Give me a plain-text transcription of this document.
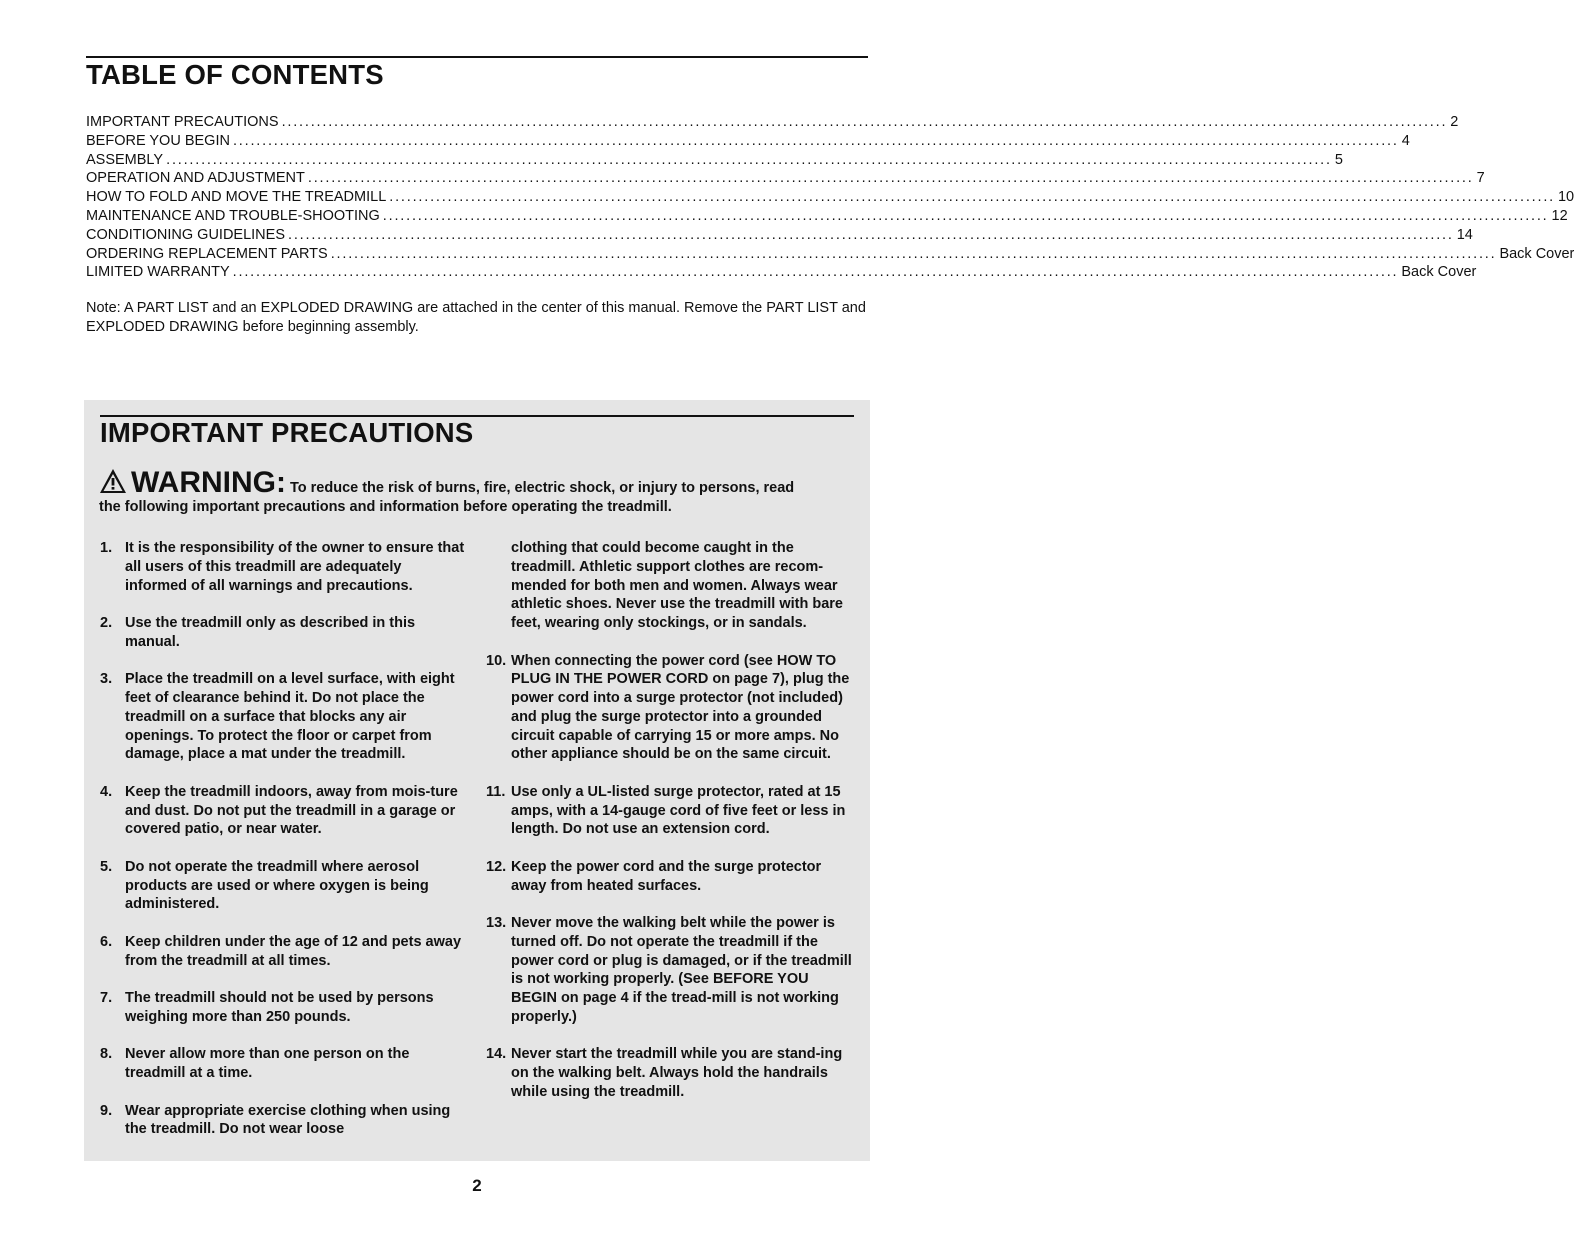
TABLE OF CONTENTS
IMPORTANT PRECAUTIONS ........................................................................................................................................................................................................ 2
BEFORE YOU BEGIN ........................................................................................................................................................................................................ 4
ASSEMBLY ........................................................................................................................................................................................................ 5
OPERATION AND ADJUSTMENT ........................................................................................................................................................................................................ 7
HOW TO FOLD AND MOVE THE TREADMILL ........................................................................................................................................................................................................ 10
MAINTENANCE AND TROUBLE-SHOOTING ........................................................................................................................................................................................................ 12
CONDITIONING GUIDELINES ........................................................................................................................................................................................................ 14
ORDERING REPLACEMENT PARTS ........................................................................................................................................................................................................ Back Cover
LIMITED WARRANTY ........................................................................................................................................................................................................ Back Cover

Note: A PART LIST and an EXPLODED DRAWING are attached in the center of this manual. Remove the PART LIST and EXPLODED DRAWING before beginning assembly.

IMPORTANT PRECAUTIONS
WARNING: To reduce the risk of burns, fire, electric shock, or injury to persons, read
the following important precautions and information before operating the treadmill.
1. It is the responsibility of the owner to ensure that all users of this treadmill are adequately informed of all warnings and precautions.
2. Use the treadmill only as described in this manual.
3. Place the treadmill on a level surface, with eight feet of clearance behind it. Do not place the treadmill on a surface that blocks any air openings. To protect the floor or carpet from damage, place a mat under the treadmill.
4. Keep the treadmill indoors, away from mois-ture and dust. Do not put the treadmill in a garage or covered patio, or near water.
5. Do not operate the treadmill where aerosol products are used or where oxygen is being administered.
6. Keep children under the age of 12 and pets away from the treadmill at all times.
7. The treadmill should not be used by persons weighing more than 250 pounds.
8. Never allow more than one person on the treadmill at a time.
9. Wear appropriate exercise clothing when using the treadmill. Do not wear loose
clothing that could become caught in the treadmill. Athletic support clothes are recom-mended for both men and women. Always wear athletic shoes. Never use the treadmill with bare feet, wearing only stockings, or in sandals.
10. When connecting the power cord (see HOW TO PLUG IN THE POWER CORD on page 7), plug the power cord into a surge protector (not included) and plug the surge protector into a grounded circuit capable of carrying 15 or more amps. No other appliance should be on the same circuit.
11. Use only a UL-listed surge protector, rated at 15 amps, with a 14-gauge cord of five feet or less in length. Do not use an extension cord.
12. Keep the power cord and the surge protector away from heated surfaces.
13. Never move the walking belt while the power is turned off. Do not operate the treadmill if the power cord or plug is damaged, or if the treadmill is not working properly. (See BEFORE YOU BEGIN on page 4 if the tread-mill is not working properly.)
14. Never start the treadmill while you are stand-ing on the walking belt. Always hold the handrails while using the treadmill.
2
